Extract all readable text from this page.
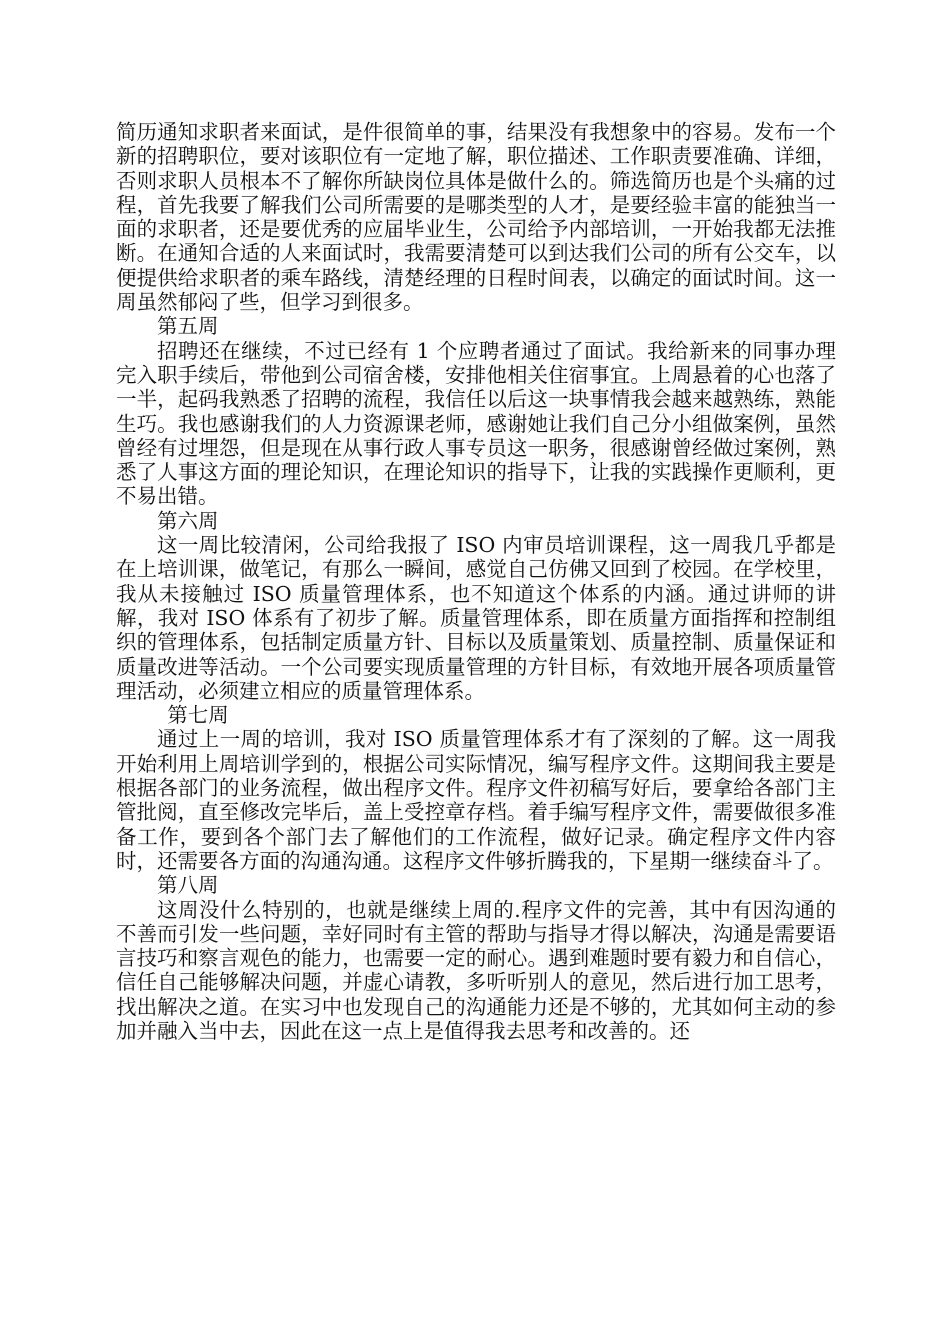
简历通知求职者来面试，是件很简单的事，结果没有我想象中的容易。发布一个新的招聘职位，要对该职位有一定地了解，职位描述、工作职责要准确、详细，否则求职人员根本不了解你所缺岗位具体是做什么的。筛选简历也是个头痛的过程，首先我要了解我们公司所需要的是哪类型的人才，是要经验丰富的能独当一面的求职者，还是要优秀的应届毕业生，公司给予内部培训，一开始我都无法推断。在通知合适的人来面试时，我需要清楚可以到达我们公司的所有公交车，以便提供给求职者的乘车路线，清楚经理的日程时间表，以确定的面试时间。这一周虽然郁闷了些，但学习到很多。

第五周

招聘还在继续，不过已经有 1 个应聘者通过了面试。我给新来的同事办理完入职手续后，带他到公司宿舍楼，安排他相关住宿事宜。上周悬着的心也落了一半，起码我熟悉了招聘的流程，我信任以后这一块事情我会越来越熟练，熟能生巧。我也感谢我们的人力资源课老师，感谢她让我们自己分小组做案例，虽然曾经有过埋怨，但是现在从事行政人事专员这一职务，很感谢曾经做过案例，熟悉了人事这方面的理论知识，在理论知识的指导下，让我的实践操作更顺利，更不易出错。

第六周

这一周比较清闲，公司给我报了 ISO 内审员培训课程，这一周我几乎都是在上培训课，做笔记，有那么一瞬间，感觉自己仿佛又回到了校园。在学校里，我从未接触过 ISO 质量管理体系，也不知道这个体系的内涵。通过讲师的讲解，我对 ISO 体系有了初步了解。质量管理体系，即在质量方面指挥和控制组织的管理体系，包括制定质量方针、目标以及质量策划、质量控制、质量保证和质量改进等活动。一个公司要实现质量管理的方针目标，有效地开展各项质量管理活动，必须建立相应的质量管理体系。

第七周

通过上一周的培训，我对 ISO 质量管理体系才有了深刻的了解。这一周我开始利用上周培训学到的，根据公司实际情况，编写程序文件。这期间我主要是根据各部门的业务流程，做出程序文件。程序文件初稿写好后，要拿给各部门主管批阅，直至修改完毕后，盖上受控章存档。着手编写程序文件，需要做很多准备工作，要到各个部门去了解他们的工作流程，做好记录。确定程序文件内容时，还需要各方面的沟通沟通。这程序文件够折腾我的，下星期一继续奋斗了。

第八周

这周没什么特别的，也就是继续上周的.程序文件的完善，其中有因沟通的不善而引发一些问题，幸好同时有主管的帮助与指导才得以解决，沟通是需要语言技巧和察言观色的能力，也需要一定的耐心。遇到难题时要有毅力和自信心，信任自己能够解决问题，并虚心请教，多听听别人的意见，然后进行加工思考，找出解决之道。在实习中也发现自己的沟通能力还是不够的，尤其如何主动的参加并融入当中去，因此在这一点上是值得我去思考和改善的。还
